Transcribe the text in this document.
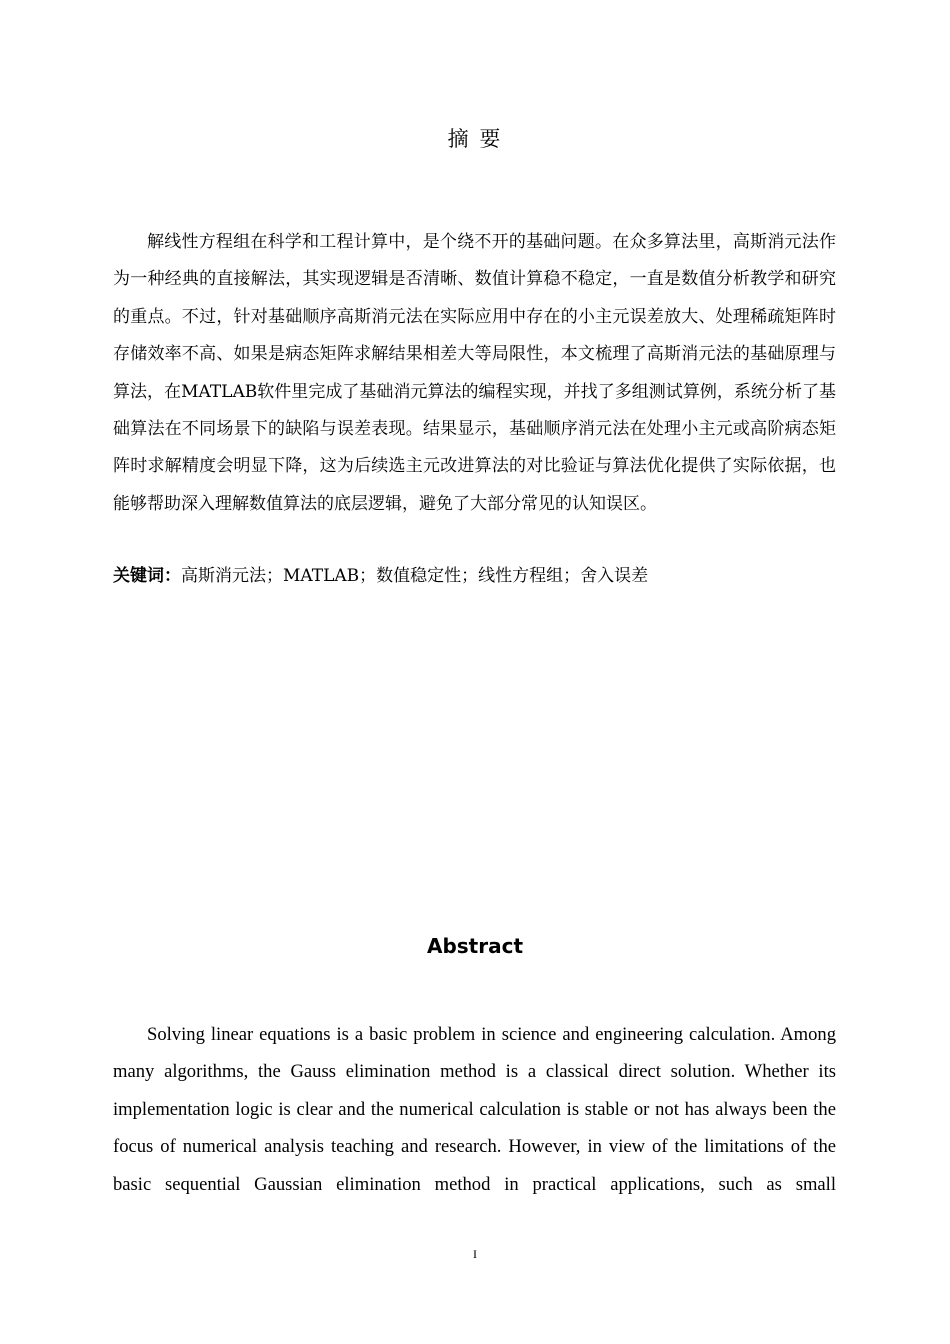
摘 要

解线性方程组在科学和工程计算中，是个绕不开的基础问题。在众多算法里，高斯消元法作为一种经典的直接解法，其实现逻辑是否清晰、数值计算稳不稳定，一直是数值分析教学和研究的重点。不过，针对基础顺序高斯消元法在实际应用中存在的小主元误差放大、处理稀疏矩阵时存储效率不高、如果是病态矩阵求解结果相差大等局限性，本文梳理了高斯消元法的基础原理与算法，在MATLAB软件里完成了基础消元算法的编程实现，并找了多组测试算例，系统分析了基础算法在不同场景下的缺陷与误差表现。结果显示，基础顺序消元法在处理小主元或高阶病态矩阵时求解精度会明显下降，这为后续选主元改进算法的对比验证与算法优化提供了实际依据，也能够帮助深入理解数值算法的底层逻辑，避免了大部分常见的认知误区。

关键词：高斯消元法；MATLAB；数值稳定性；线性方程组；舍入误差
Abstract

Solving linear equations is a basic problem in science and engineering calculation. Among many algorithms, the Gauss elimination method is a classical direct solution. Whether its implementation logic is clear and the numerical calculation is stable or not has always been the focus of numerical analysis teaching and research. However, in view of the limitations of the basic sequential Gaussian elimination method in practical applications, such as small

I
